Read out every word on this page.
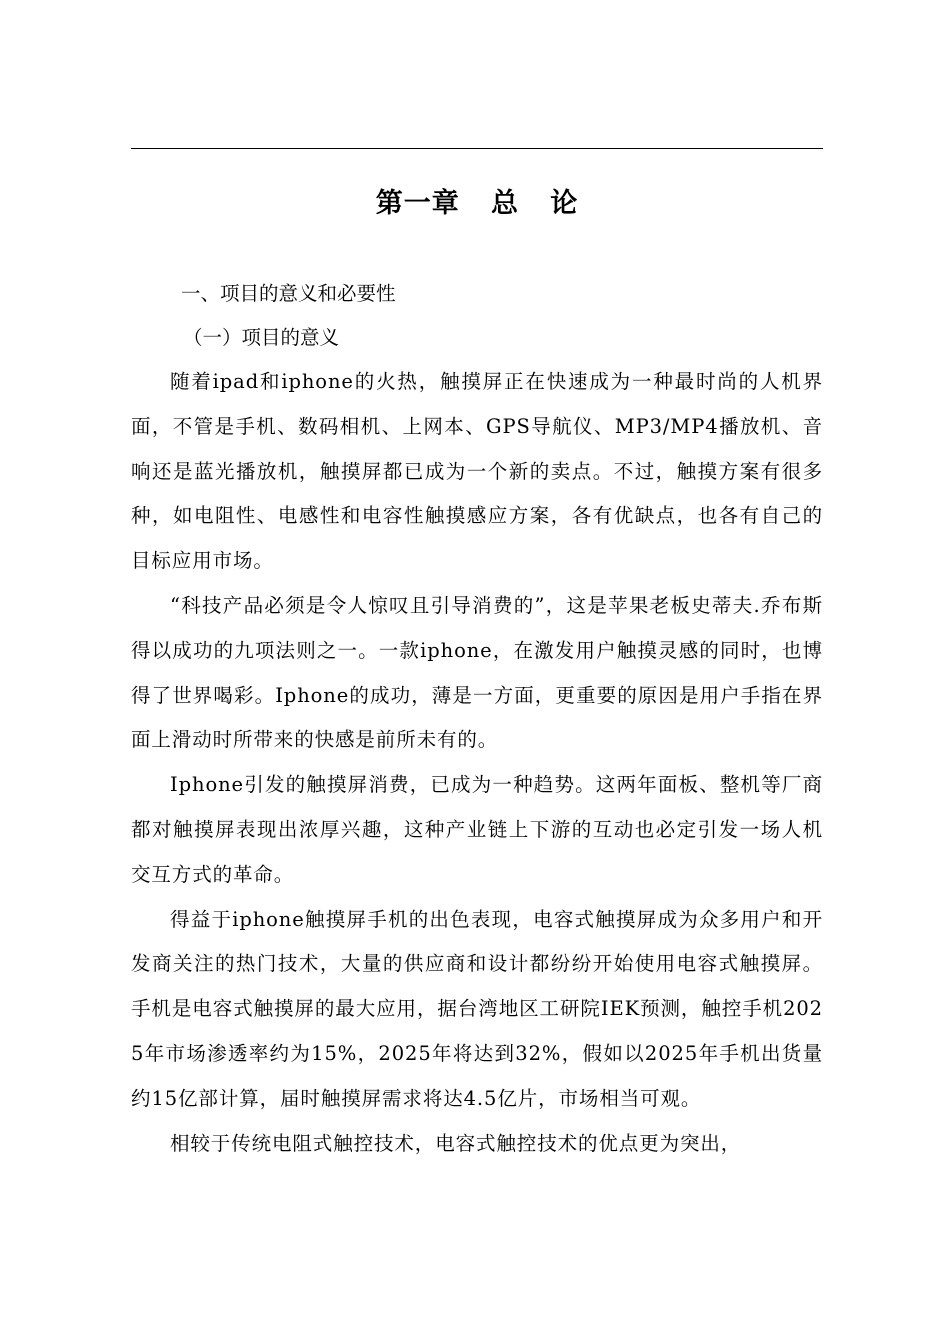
第一章   总   论

一、项目的意义和必要性

（一）项目的意义

随着ipad和iphone的火热，触摸屏正在快速成为一种最时尚的人机界面，不管是手机、数码相机、上网本、GPS导航仪、MP3/MP4播放机、音响还是蓝光播放机，触摸屏都已成为一个新的卖点。不过，触摸方案有很多种，如电阻性、电感性和电容性触摸感应方案，各有优缺点，也各有自己的目标应用市场。

“科技产品必须是令人惊叹且引导消费的”，这是苹果老板史蒂夫.乔布斯得以成功的九项法则之一。一款iphone，在激发用户触摸灵感的同时，也博得了世界喝彩。Iphone的成功，薄是一方面，更重要的原因是用户手指在界面上滑动时所带来的快感是前所未有的。

Iphone引发的触摸屏消费，已成为一种趋势。这两年面板、整机等厂商都对触摸屏表现出浓厚兴趣，这种产业链上下游的互动也必定引发一场人机交互方式的革命。

得益于iphone触摸屏手机的出色表现，电容式触摸屏成为众多用户和开发商关注的热门技术，大量的供应商和设计都纷纷开始使用电容式触摸屏。手机是电容式触摸屏的最大应用，据台湾地区工研院IEK预测，触控手机2025年市场渗透率约为15%，2025年将达到32%，假如以2025年手机出货量约15亿部计算，届时触摸屏需求将达4.5亿片，市场相当可观。

相较于传统电阻式触控技术，电容式触控技术的优点更为突出，
